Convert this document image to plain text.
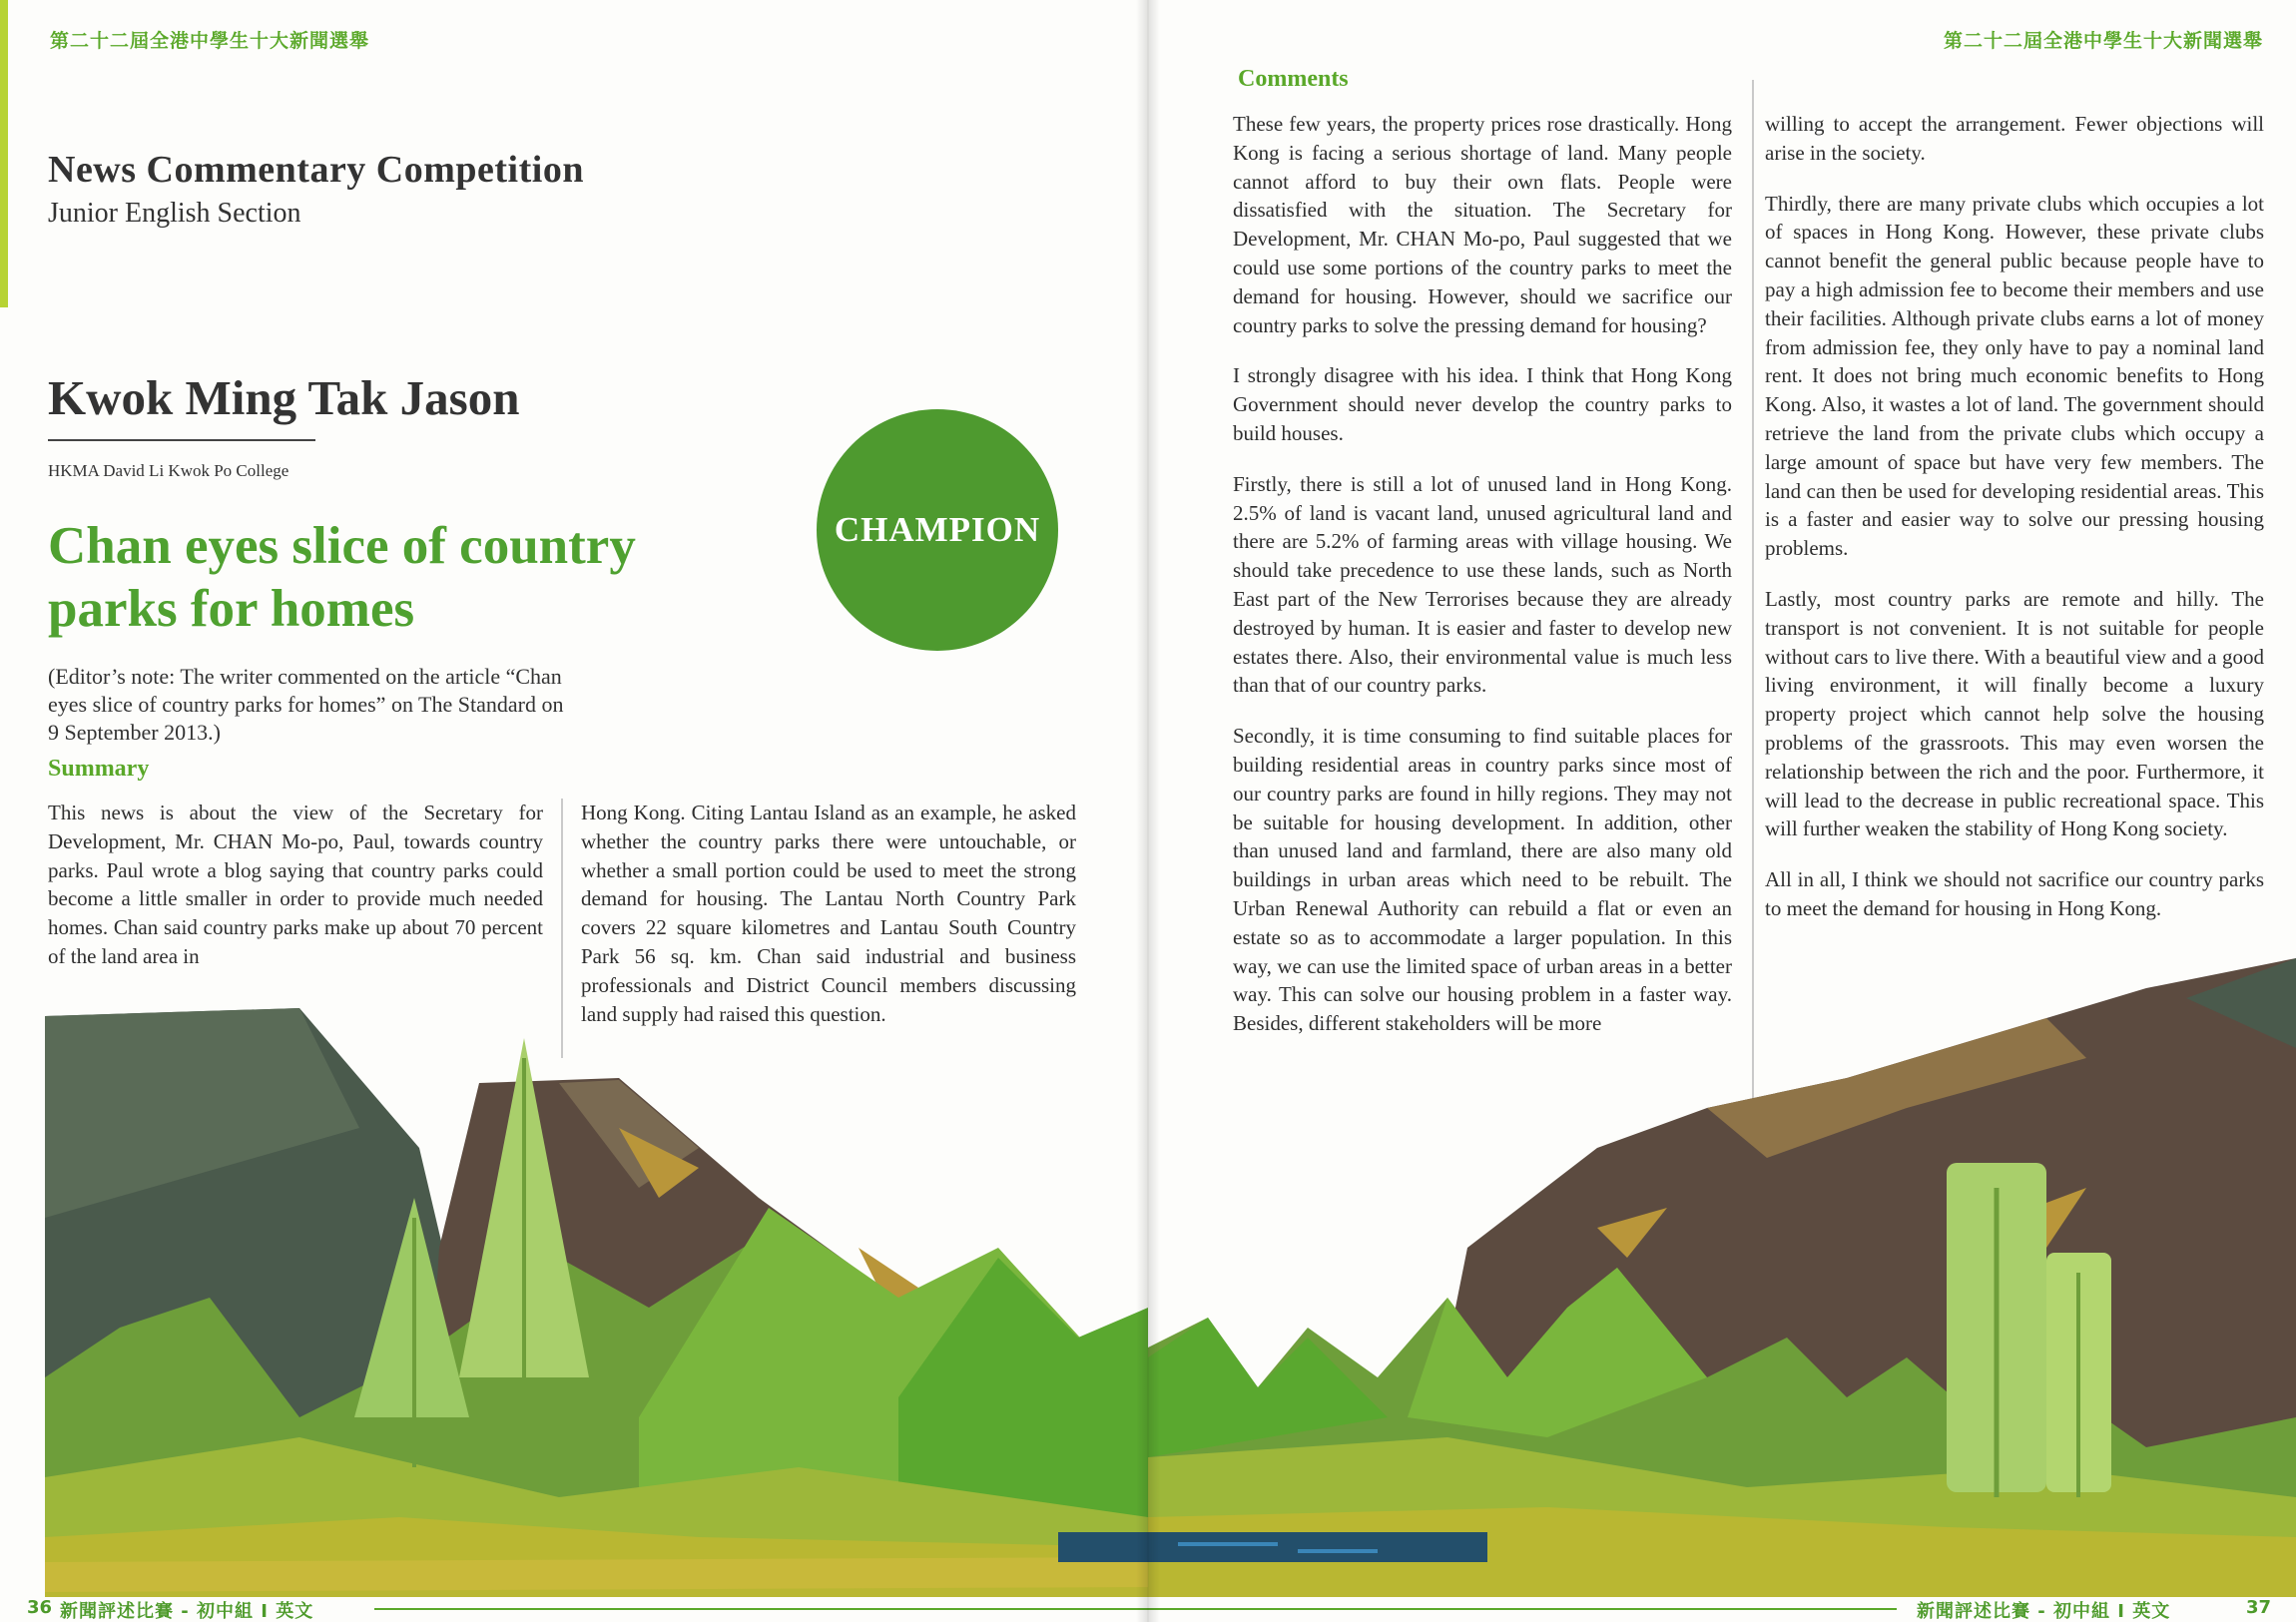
第二十二屆全港中學生十大新聞選舉
News Commentary Competition
Junior English Section
Kwok Ming Tak Jason
HKMA David Li Kwok Po College
CHAMPION
Chan eyes slice of country parks for homes
(Editor’s note: The writer commented on the article “Chan eyes slice of country parks for homes” on The Standard on 9 September 2013.)
Summary
This news is about the view of the Secretary for Development, Mr. CHAN Mo-po, Paul, towards country parks. Paul wrote a blog saying that country parks could become a little smaller in order to provide much needed homes. Chan said country parks make up about 70 percent of the land area in
Hong Kong. Citing Lantau Island as an example, he asked whether the country parks there were untouchable, or whether a small portion could be used to meet the strong demand for housing. The Lantau North Country Park covers 22 square kilometres and Lantau South Country Park 56 sq. km. Chan said industrial and business professionals and District Council members discussing land supply had raised this question.
36 新聞評述比賽 - 初中組 I 英文
第二十二屆全港中學生十大新聞選舉
Comments

These few years, the property prices rose drastically. Hong Kong is facing a serious shortage of land. Many people cannot afford to buy their own flats. People were dissatisfied with the situation. The Secretary for Development, Mr. CHAN Mo-po, Paul suggested that we could use some portions of the country parks to meet the demand for housing. However, should we sacrifice our country parks to solve the pressing demand for housing?

I strongly disagree with his idea. I think that Hong Kong Government should never develop the country parks to build houses.

Firstly, there is still a lot of unused land in Hong Kong. 2.5% of land is vacant land, unused agricultural land and there are 5.2% of farming areas with village housing. We should take precedence to use these lands, such as North East part of the New Terrorises because they are already destroyed by human. It is easier and faster to develop new estates there. Also, their environmental value is much less than that of our country parks.

Secondly, it is time consuming to find suitable places for building residential areas in country parks since most of our country parks are found in hilly regions. They may not be suitable for housing development. In addition, other than unused land and farmland, there are also many old buildings in urban areas which need to be rebuilt. The Urban Renewal Authority can rebuild a flat or even an estate so as to accommodate a larger population. In this way, we can use the limited space of urban areas in a better way. This can solve our housing problem in a faster way. Besides, different stakeholders will be more

willing to accept the arrangement. Fewer objections will arise in the society.

Thirdly, there are many private clubs which occupies a lot of spaces in Hong Kong. However, these private clubs cannot benefit the general public because people have to pay a high admission fee to become their members and use their facilities. Although private clubs earns a lot of money from admission fee, they only have to pay a nominal land rent. It does not bring much economic benefits to Hong Kong. Also, it wastes a lot of land. The government should retrieve the land from the private clubs which occupy a large amount of space but have very few members. The land can then be used for developing residential areas. This is a faster and easier way to solve our pressing housing problems.

Lastly, most country parks are remote and hilly. The transport is not convenient. It is not suitable for people without cars to live there. With a beautiful view and a good living environment, it will finally become a luxury property project which cannot help solve the housing problems of the grassroots. This may even worsen the relationship between the rich and the poor. Furthermore, it will lead to the decrease in public recreational space. This will further weaken the stability of Hong Kong society.

All in all, I think we should not sacrifice our country parks to meet the demand for housing in Hong Kong.

新聞評述比賽 - 初中組 I 英文	37
